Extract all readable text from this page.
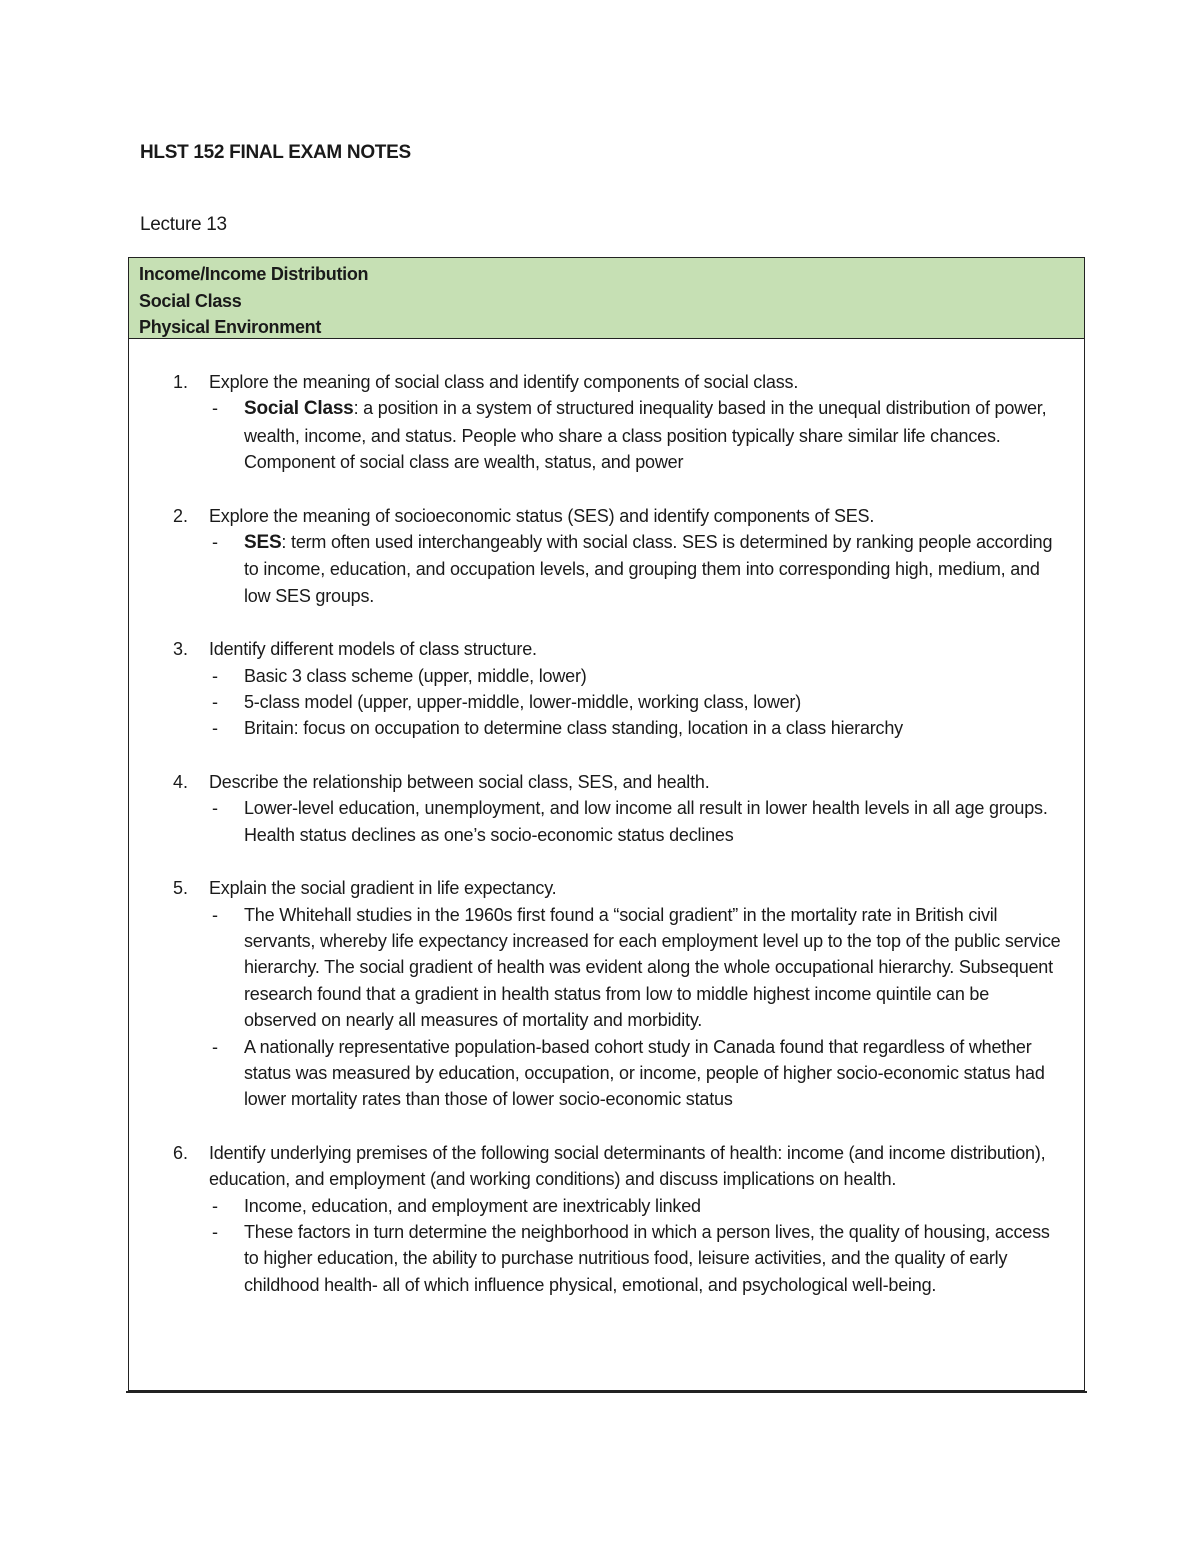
HLST 152 FINAL EXAM NOTES
Lecture 13
Income/Income Distribution
Social Class
Physical Environment
1. Explore the meaning of social class and identify components of social class.
- Social Class: a position in a system of structured inequality based in the unequal distribution of power, wealth, income, and status. People who share a class position typically share similar life chances. Component of social class are wealth, status, and power
2. Explore the meaning of socioeconomic status (SES) and identify components of SES.
- SES: term often used interchangeably with social class. SES is determined by ranking people according to income, education, and occupation levels, and grouping them into corresponding high, medium, and low SES groups.
3. Identify different models of class structure.
- Basic 3 class scheme (upper, middle, lower)
- 5-class model (upper, upper-middle, lower-middle, working class, lower)
- Britain: focus on occupation to determine class standing, location in a class hierarchy
4. Describe the relationship between social class, SES, and health.
- Lower-level education, unemployment, and low income all result in lower health levels in all age groups. Health status declines as one’s socio-economic status declines
5. Explain the social gradient in life expectancy.
- The Whitehall studies in the 1960s first found a “social gradient” in the mortality rate in British civil servants, whereby life expectancy increased for each employment level up to the top of the public service hierarchy. The social gradient of health was evident along the whole occupational hierarchy. Subsequent research found that a gradient in health status from low to middle highest income quintile can be observed on nearly all measures of mortality and morbidity.
- A nationally representative population-based cohort study in Canada found that regardless of whether status was measured by education, occupation, or income, people of higher socio-economic status had lower mortality rates than those of lower socio-economic status
6. Identify underlying premises of the following social determinants of health: income (and income distribution), education, and employment (and working conditions) and discuss implications on health.
- Income, education, and employment are inextricably linked
- These factors in turn determine the neighborhood in which a person lives, the quality of housing, access to higher education, the ability to purchase nutritious food, leisure activities, and the quality of early childhood health- all of which influence physical, emotional, and psychological well-being.
